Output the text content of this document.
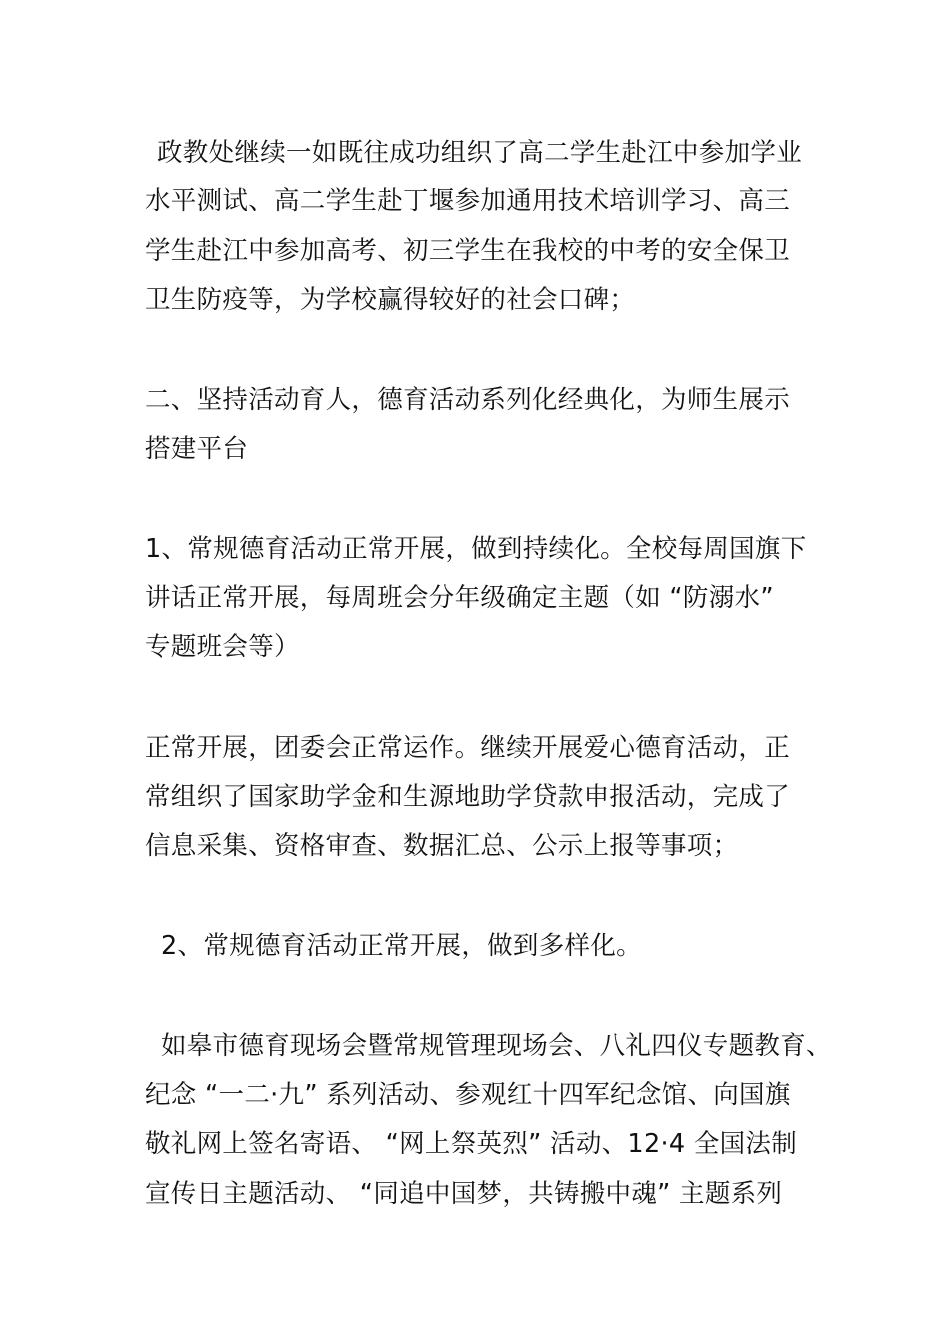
政教处继续一如既往成功组织了高二学生赴江中参加学业
水平测试、高二学生赴丁堰参加通用技术培训学习、高三
学生赴江中参加高考、初三学生在我校的中考的安全保卫
卫生防疫等，为学校赢得较好的社会口碑；
二、坚持活动育人，德育活动系列化经典化，为师生展示
搭建平台
1、常规德育活动正常开展，做到持续化。全校每周国旗下
讲话正常开展，每周班会分年级确定主题（如 “防溺水”
专题班会等）
正常开展，团委会正常运作。继续开展爱心德育活动，正
常组织了国家助学金和生源地助学贷款申报活动，完成了
信息采集、资格审查、数据汇总、公示上报等事项；
2、常规德育活动正常开展，做到多样化。
如皋市德育现场会暨常规管理现场会、八礼四仪专题教育、
纪念 “一二·九” 系列活动、参观红十四军纪念馆、向国旗
敬礼网上签名寄语、 “网上祭英烈” 活动、12·4 全国法制
宣传日主题活动、 “同追中国梦，共铸搬中魂” 主题系列
